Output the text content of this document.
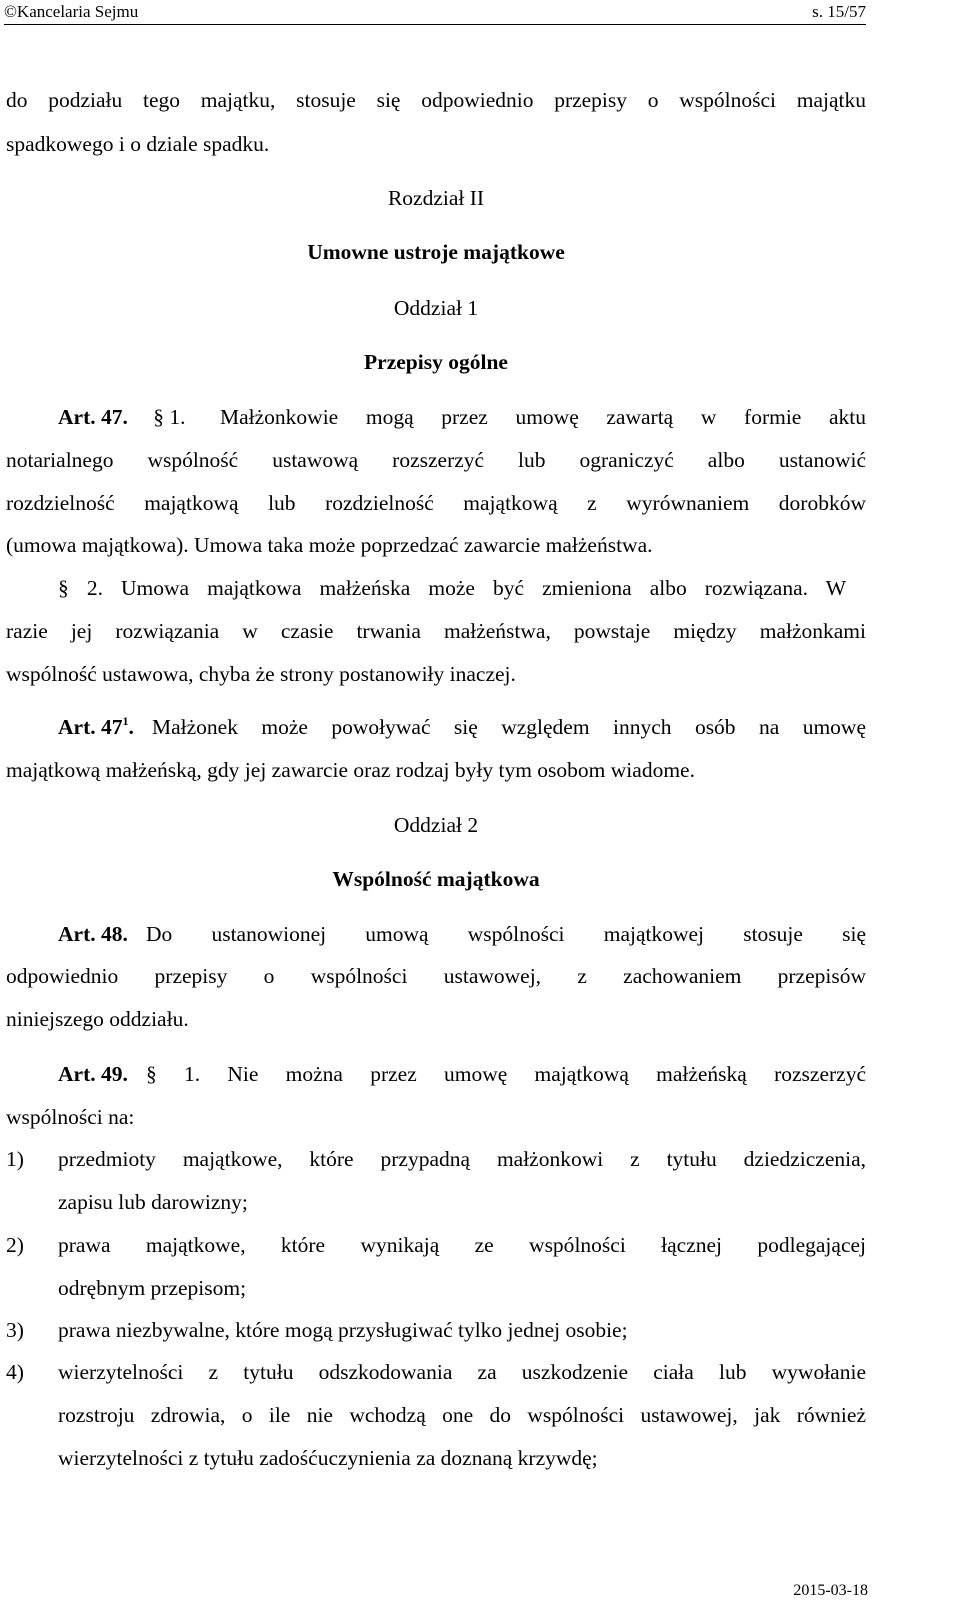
©Kancelaria Sejmu	s. 15/57
do podziału tego majątku, stosuje się odpowiednio przepisy o wspólności majątku
spadkowego i o dziale spadku.
Rozdział II
Umowne ustroje majątkowe
Oddział 1
Przepisy ogólne
Art. 47. § 1. Małżonkowie mogą przez umowę zawartą w formie aktu
notarialnego wspólność ustawową rozszerzyć lub ograniczyć albo ustanowić
rozdzielność majątkową lub rozdzielność majątkową z wyrównaniem dorobków
(umowa majątkowa). Umowa taka może poprzedzać zawarcie małżeństwa.
§ 2. Umowa majątkowa małżeńska może być zmieniona albo rozwiązana. W
razie jej rozwiązania w czasie trwania małżeństwa, powstaje między małżonkami
wspólność ustawowa, chyba że strony postanowiły inaczej.
Art. $47^1$. Małżonek może powoływać się względem innych osób na umowę
majątkową małżeńską, gdy jej zawarcie oraz rodzaj były tym osobom wiadome.
Oddział 2
Wspólność majątkowa
Art. 48. Do ustanowionej umową wspólności majątkowej stosuje się
odpowiednio przepisy o wspólności ustawowej, z zachowaniem przepisów
niniejszego oddziału.
Art. 49. § 1. Nie można przez umowę majątkową małżeńską rozszerzyć
wspólności na:
1) przedmioty majątkowe, które przypadną małżonkowi z tytułu dziedziczenia,
zapisu lub darowizny;
2) prawa majątkowe, które wynikają ze wspólności łącznej podlegającej
odrębnym przepisom;
3) prawa niezbywalne, które mogą przysługiwać tylko jednej osobie;
4) wierzytelności z tytułu odszkodowania za uszkodzenie ciała lub wywołanie
rozstroju zdrowia, o ile nie wchodzą one do wspólności ustawowej, jak również
wierzytelności z tytułu zadośćuczynienia za doznaną krzywdę;
2015-03-18
